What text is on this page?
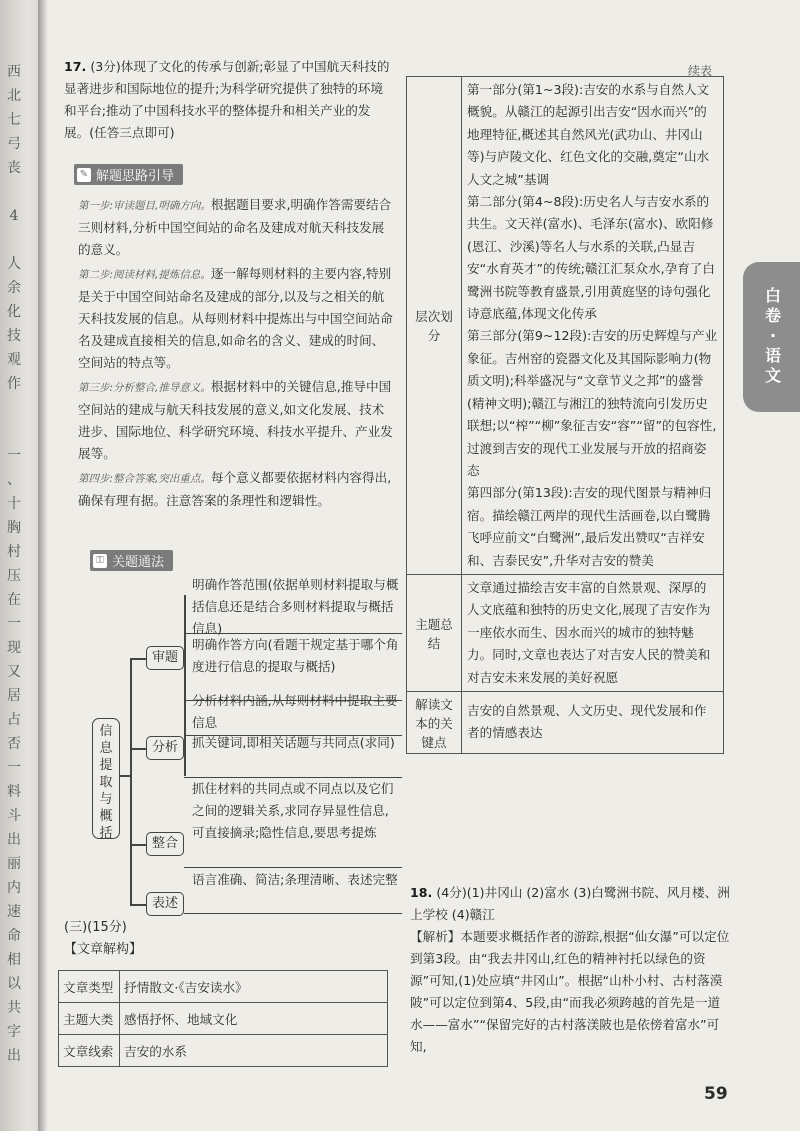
西
北
七
弓
丧
4
人
余
化
技
观
作
一
、
十
胸
村
压
在
一
现
又
居
占
否
一
料
斗
出
丽
内
速
命
相
以
共
字
出
续表
17. (3分)体现了文化的传承与创新;彰显了中国航天科技的显著进步和国际地位的提升;为科学研究提供了独特的环境和平台;推动了中国科技水平的整体提升和相关产业的发展。(任答三点即可)
✎ 解题思路引导

第一步:审读题目,明确方向。根据题目要求,明确作答需要结合三则材料,分析中国空间站的命名及建成对航天科技发展的意义。

第二步:阅读材料,提炼信息。逐一解每则材料的主要内容,特别是关于中国空间站命名及建成的部分,以及与之相关的航天科技发展的信息。从每则材料中提炼出与中国空间站命名及建成直接相关的信息,如命名的含义、建成的时间、空间站的特点等。

第三步:分析整合,推导意义。根据材料中的关键信息,推导中国空间站的建成与航天科技发展的意义,如文化发展、技术进步、国际地位、科学研究环境、科技水平提升、产业发展等。

第四步:整合答案,突出重点。每个意义都要依据材料内容得出,确保有理有据。注意答案的条理性和逻辑性。

⚿ 关题通法
信
息
提
取
与
概
括
审题
明确作答范围(依据单则材料提取与概括信息还是结合多则材料提取与概括信息)
明确作答方向(看题干规定基于哪个角度进行信息的提取与概括)
分析
分析材料内涵,从每则材料中提取主要信息
抓关键词,即相关话题与共同点(求同)
整合
抓住材料的共同点或不同点以及它们之间的逻辑关系,求同存异显性信息,可直接摘录;隐性信息,要思考提炼
表述
语言准确、简洁;条理清晰、表述完整
(三)(15分)
【文章解构】
文章类型	抒情散文·《吉安读水》
主题大类	感悟抒怀、地域文化
文章线索	吉安的水系
层次划分	第一部分(第1~3段):吉安的水系与自然人文概貌。从赣江的起源引出吉安“因水而兴”的地理特征,概述其自然风光(武功山、井冈山等)与庐陵文化、红色文化的交融,奠定“山水人文之城”基调
第二部分(第4~8段):历史名人与吉安水系的共生。文天祥(富水)、毛泽东(富水)、欧阳修(恩江、沙溪)等名人与水系的关联,凸显吉安“水育英才”的传统;赣江汇泵众水,孕育了白鹭洲书院等教育盛景,引用黄庭坚的诗句强化诗意底蕴,体现文化传承
第三部分(第9~12段):吉安的历史辉煌与产业象征。吉州窑的瓷器文化及其国际影响力(物质文明);科举盛况与“文章节义之邦”的盛誉(精神文明);赣江与湘江的独特流向引发历史联想;以“榨”“柳”象征吉安“容”“留”的包容性,过渡到吉安的现代工业发展与开放的招商姿态
第四部分(第13段):吉安的现代图景与精神归宿。描绘赣江两岸的现代生活画卷,以白鹭腾飞呼应前文“白鹭洲”,最后发出赞叹“吉祥安和、吉泰民安”,升华对吉安的赞美

主题总结	文章通过描绘吉安丰富的自然景观、深厚的人文底蕴和独特的历史文化,展现了吉安作为一座依水而生、因水而兴的城市的独特魅力。同时,文章也表达了对吉安人民的赞美和对吉安未来发展的美好祝愿
解读文本的关键点	吉安的自然景观、人文历史、现代发展和作者的情感表达

18. (4分)(1)井冈山 (2)富水 (3)白鹭洲书院、风月楼、洲上学校 (4)赣江

【解析】本题要求概括作者的游踪,根据“仙女瀑”可以定位到第3段。由“我去井冈山,红色的精神衬托以绿色的资源”可知,(1)处应填“井冈山”。根据“山朴小村、古村落漠陂”可以定位到第4、5段,由“而我必须跨越的首先是一道水——富水”“保留完好的古村落渼陂也是依傍着富水”可知,

白
卷
·
语
文
59
